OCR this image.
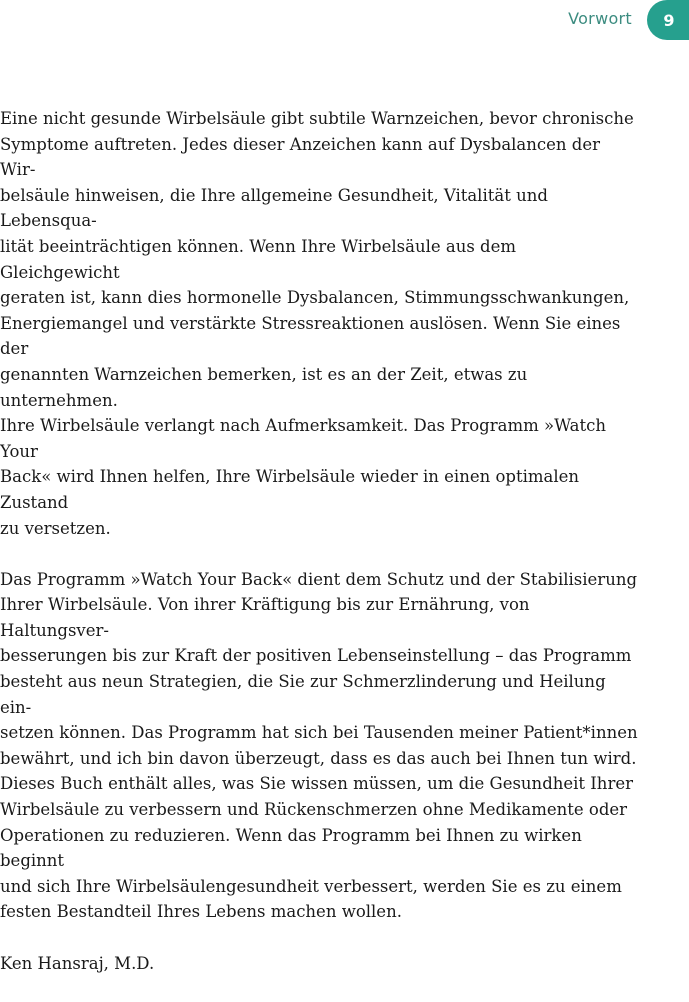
Vorwort 9

Eine nicht gesunde Wirbelsäule gibt subtile Warnzeichen, bevor chronische
Symptome auftreten. Jedes dieser Anzeichen kann auf Dysbalancen der Wir-
belsäule hinweisen, die Ihre allgemeine Gesundheit, Vitalität und Lebensqua-
lität beeinträchtigen können. Wenn Ihre Wirbelsäule aus dem Gleichgewicht
geraten ist, kann dies hormonelle Dysbalancen, Stimmungsschwankungen,
Energiemangel und verstärkte Stressreaktionen auslösen. Wenn Sie eines der
genannten Warnzeichen bemerken, ist es an der Zeit, etwas zu unternehmen.
Ihre Wirbelsäule verlangt nach Aufmerksamkeit. Das Programm »Watch Your
Back« wird Ihnen helfen, Ihre Wirbelsäule wieder in einen optimalen Zustand
zu versetzen.

Das Programm »Watch Your Back« dient dem Schutz und der Stabilisierung
Ihrer Wirbelsäule. Von ihrer Kräftigung bis zur Ernährung, von Haltungsver-
besserungen bis zur Kraft der positiven Lebenseinstellung – das Programm
besteht aus neun Strategien, die Sie zur Schmerzlinderung und Heilung ein-
setzen können. Das Programm hat sich bei Tausenden meiner Patient*innen
bewährt, und ich bin davon überzeugt, dass es das auch bei Ihnen tun wird.
Dieses Buch enthält alles, was Sie wissen müssen, um die Gesundheit Ihrer
Wirbelsäule zu verbessern und Rückenschmerzen ohne Medikamente oder
Operationen zu reduzieren. Wenn das Programm bei Ihnen zu wirken beginnt
und sich Ihre Wirbelsäulengesundheit verbessert, werden Sie es zu einem
festen Bestandteil Ihres Lebens machen wollen.

Ken Hansraj, M.D.
